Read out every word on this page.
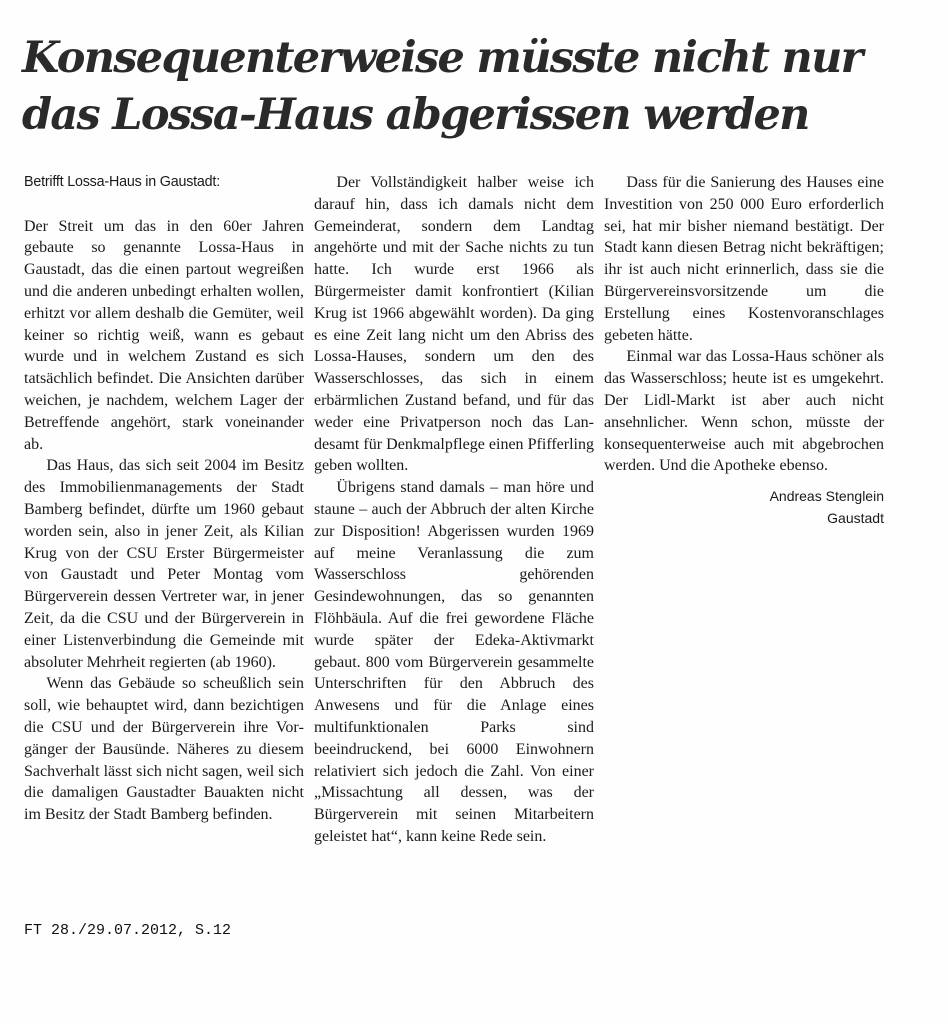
Konsequenterweise müsste nicht nur
das Lossa-Haus abgerissen werden
Betrifft Lossa-Haus in Gaustadt:

Der Streit um das in den 60er Jahren gebaute so genannte Lossa-Haus in Gaustadt, das die einen partout wegreißen und die anderen unbedingt erhalten wollen, erhitzt vor allem deshalb die Gemüter, weil keiner so richtig weiß, wann es gebaut wurde und in welchem Zustand es sich tatsächlich befindet. Die Ansichten darüber weichen, je nachdem, welchem Lager der Betreffende angehört, stark voneinander ab.

Das Haus, das sich seit 2004 im Besitz des Immobilienmanagements der Stadt Bamberg befindet, dürfte um 1960 gebaut worden sein, also in jener Zeit, als Kilian Krug von der CSU Erster Bürgermeister von Gaustadt und Peter Montag vom Bürgerverein dessen Vertreter war, in jener Zeit, da die CSU und der Bürgerverein in einer Listenverbindung die Gemeinde mit absoluter Mehrheit regierten (ab 1960).

Wenn das Gebäude so scheußlich sein soll, wie behauptet wird, dann bezichtigen die CSU und der Bürgerverein ihre Vorgänger der Bausünde. Näheres zu diesem Sachverhalt lässt sich nicht sagen, weil sich die damaligen Gaustadter Bauakten nicht im Besitz der Stadt Bamberg befinden.

Der Vollständigkeit halber weise ich darauf hin, dass ich damals nicht dem Gemeinderat, sondern dem Landtag angehörte und mit der Sache nichts zu tun hatte. Ich wurde erst 1966 als Bürgermeister damit konfrontiert (Kilian Krug ist 1966 abgewählt worden). Da ging es eine Zeit lang nicht um den Abriss des Lossa-Hauses, sondern um den des Wasserschlosses, das sich in einem erbärmlichen Zustand befand, und für das weder eine Privatperson noch das Landesamt für Denkmalpflege einen Pfifferling geben wollten.

Übrigens stand damals – man höre und staune – auch der Abbruch der alten Kirche zur Disposition! Abgerissen wurden 1969 auf meine Veranlassung die zum Wasserschloss gehörenden Gesindewohnungen, das so genannten Flöhbäula. Auf die frei gewordene Fläche wurde später der Edeka-Aktivmarkt gebaut. 800 vom Bürgerverein gesammelte Unterschriften für den Abbruch des Anwesens und für die Anlage eines multifunktionalen Parks sind beeindruckend, bei 6000 Einwohnern relativiert sich jedoch die Zahl. Von einer „Missachtung all dessen, was der Bürgerverein mit seinen Mitarbeitern geleistet hat“, kann keine Rede sein.

Dass für die Sanierung des Hauses eine Investition von 250 000 Euro erforderlich sei, hat mir bisher niemand bestätigt. Der Stadt kann diesen Betrag nicht bekräftigen; ihr ist auch nicht erinnerlich, dass sie die Bürgervereinsvorsitzende um die Erstellung eines Kostenvoranschlages gebeten hätte.

Einmal war das Lossa-Haus schöner als das Wasserschloss; heute ist es umgekehrt. Der Lidl-Markt ist aber auch nicht ansehnlicher. Wenn schon, müsste der konsequenterweise auch mit abgebrochen werden. Und die Apotheke ebenso.

Andreas Stenglein
Gaustadt
FT 28./29.07.2012, S.12
